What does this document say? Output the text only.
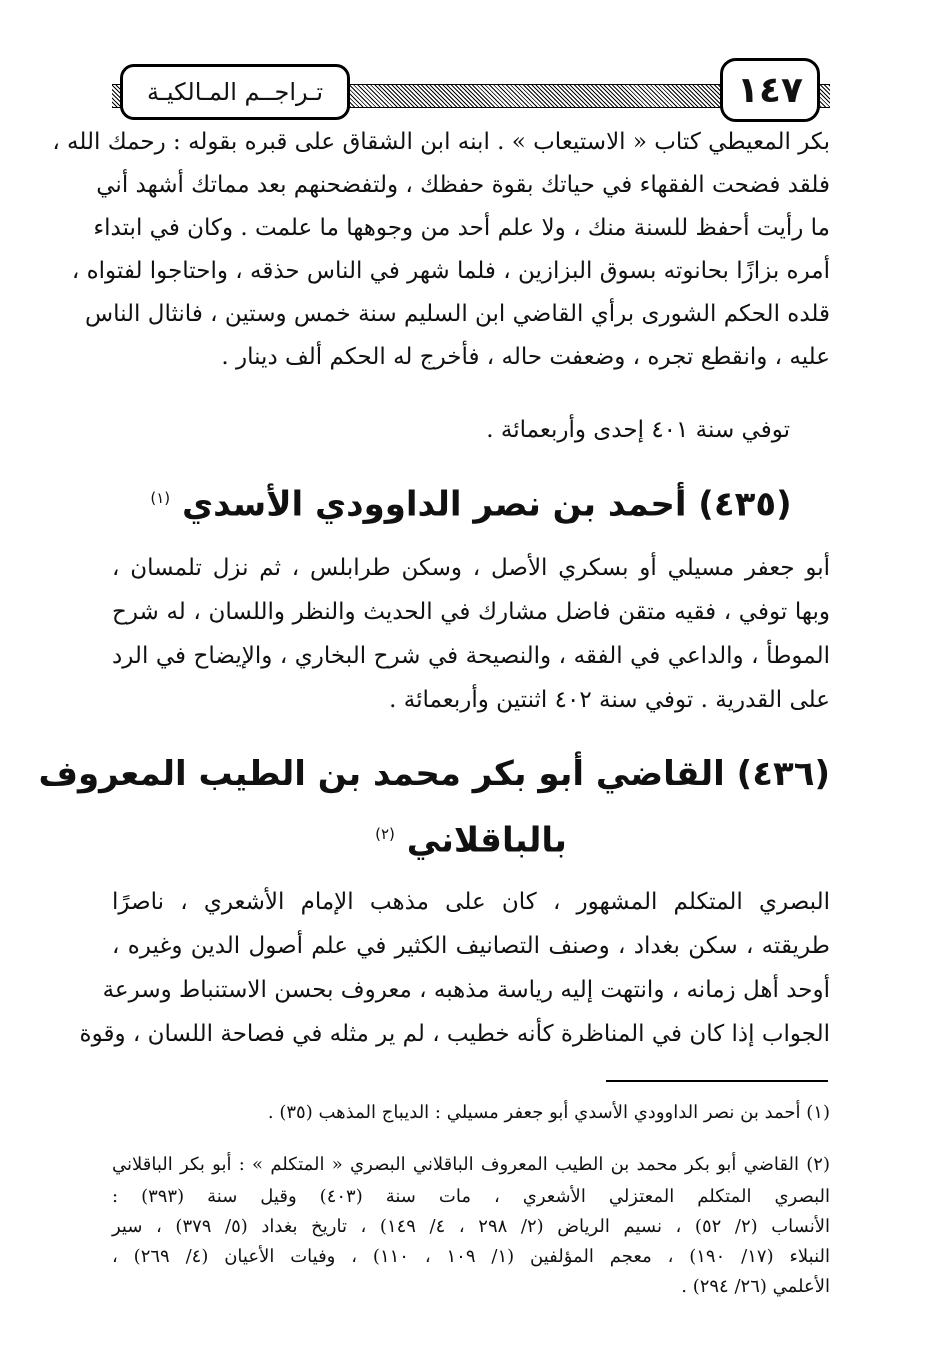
تـراجــم المـالكيـة	١٤٧
بكر المعيطي كتاب « الاستيعاب » . ابنه ابن الشقاق على قبره بقوله : رحمك الله ،
فلقد فضحت الفقهاء في حياتك بقوة حفظك ، ولتفضحنهم بعد مماتك أشهد أني
ما رأيت أحفظ للسنة منك ، ولا علم أحد من وجوهها ما علمت . وكان في ابتداء
أمره بزازًا بحانوته بسوق البزازين ، فلما شهر في الناس حذقه ، واحتاجوا لفتواه ،
قلده الحكم الشورى برأي القاضي ابن السليم سنة خمس وستين ، فانثال الناس
عليه ، وانقطع تجره ، وضعفت حاله ، فأخرج له الحكم ألف دينار .
توفي سنة ٤٠١ إحدى وأربعمائة .
(٤٣٥) أحمد بن نصر الداوودي الأسدي $^{(١)}$
أبو جعفر مسيلي أو بسكري الأصل ، وسكن طرابلس ، ثم نزل تلمسان ،
وبها توفي ، فقيه متقن فاضل مشارك في الحديث والنظر واللسان ، له شرح
الموطأ ، والداعي في الفقه ، والنصيحة في شرح البخاري ، والإيضاح في الرد
على القدرية . توفي سنة ٤٠٢ اثنتين وأربعمائة .
(٤٣٦) القاضي أبو بكر محمد بن الطيب المعروف
بالباقلاني $^{(٢)}$
البصري المتكلم المشهور ، كان على مذهب الإمام الأشعري ، ناصرًا
طريقته ، سكن بغداد ، وصنف التصانيف الكثير في علم أصول الدين وغيره ،
أوحد أهل زمانه ، وانتهت إليه رياسة مذهبه ، معروف بحسن الاستنباط وسرعة
الجواب إذا كان في المناظرة كأنه خطيب ، لم ير مثله في فصاحة اللسان ، وقوة
(١) أحمد بن نصر الداوودي الأسدي أبو جعفر مسيلي : الديباج المذهب (٣٥) .
(٢) القاضي أبو بكر محمد بن الطيب المعروف الباقلاني البصري « المتكلم » : أبو بكر الباقلاني
البصري المتكلم المعتزلي الأشعري ، مات سنة (٤٠٣) وقيل سنة (٣٩٣) :
الأنساب (٢/ ٥٢) ، نسيم الرياض (٢/ ٢٩٨ ، ٤/ ١٤٩) ، تاريخ بغداد (٥/ ٣٧٩) ، سير
النبلاء (١٧/ ١٩٠) ، معجم المؤلفين (١/ ١٠٩ ، ١١٠) ، وفيات الأعيان (٤/ ٢٦٩) ،
الأعلمي (٢٦/ ٢٩٤) .
